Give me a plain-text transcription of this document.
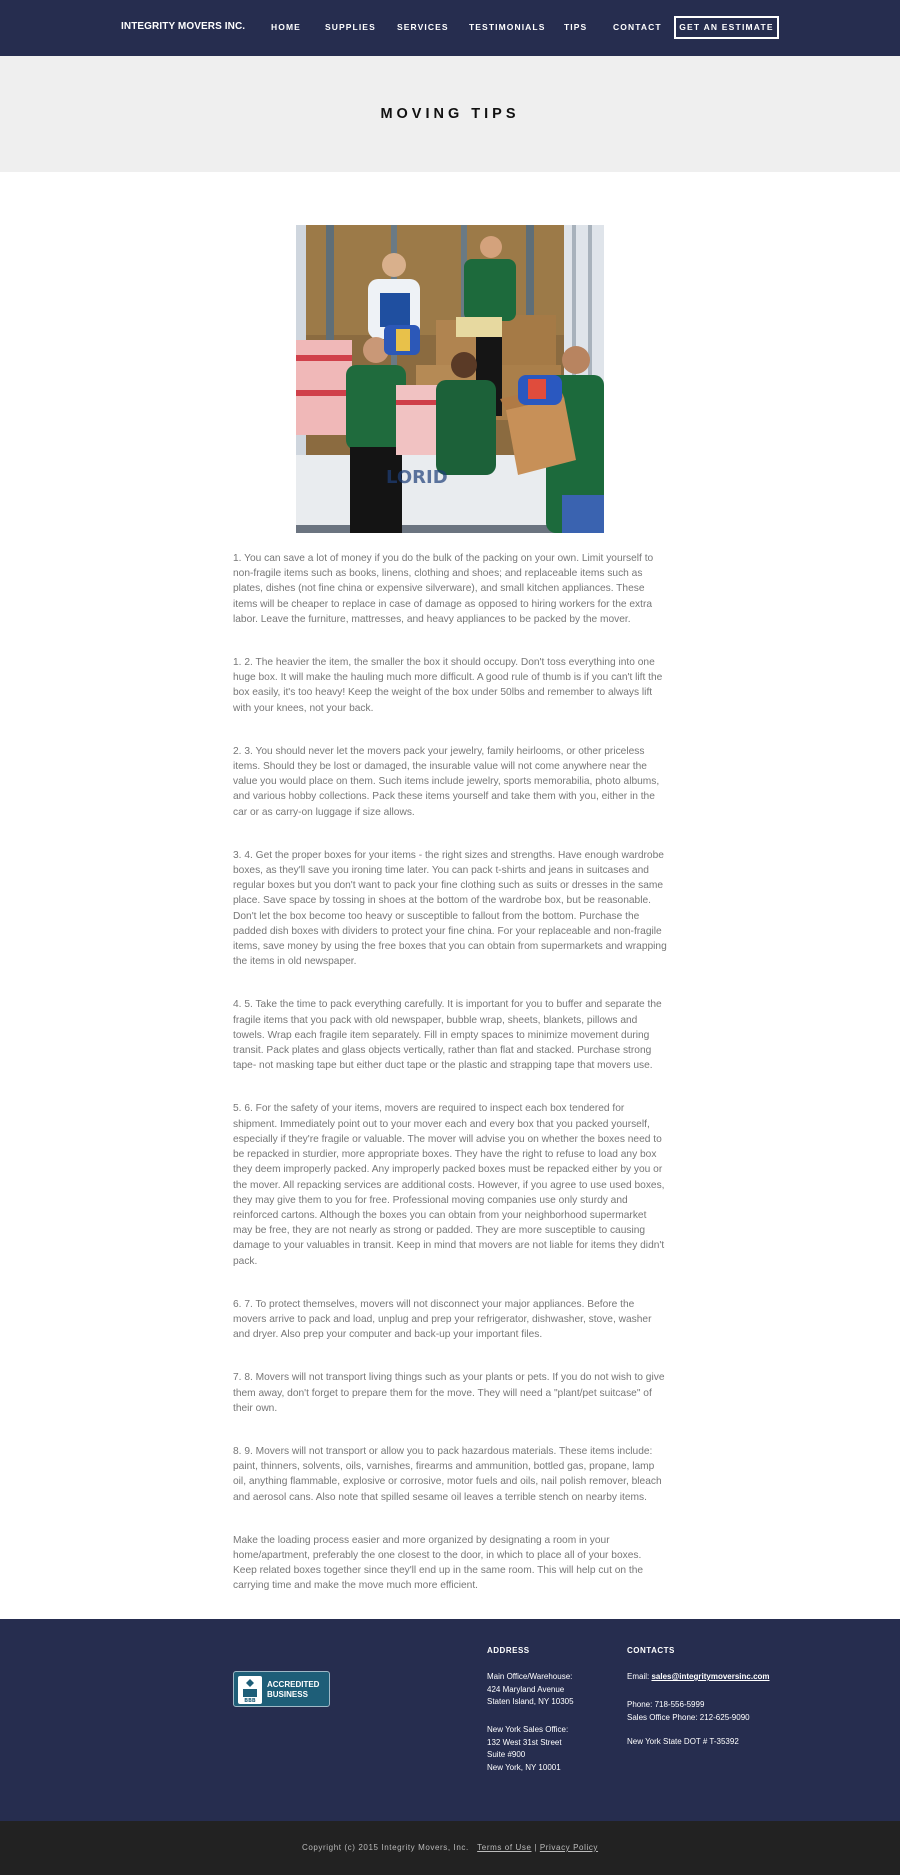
INTEGRITY MOVERS INC.	HOME	SUPPLIES SERVICES TESTIMONIALS TIPS	CONTACT	GET AN ESTIMATE
MOVING TIPS
LORID

1. You can save a lot of money if you do the bulk of the packing on your own. Limit yourself to non-fragile items such as books, linens, clothing and shoes; and replaceable items such as plates, dishes (not fine china or expensive silverware), and small kitchen appliances. These items will be cheaper to replace in case of damage as opposed to hiring workers for the extra labor. Leave the furniture, mattresses, and heavy appliances to be packed by the mover.

1. 2. The heavier the item, the smaller the box it should occupy. Don't toss everything into one huge box. It will make the hauling much more difficult. A good rule of thumb is if you can't lift the box easily, it's too heavy! Keep the weight of the box under 50lbs and remember to always lift with your knees, not your back.

2. 3. You should never let the movers pack your jewelry, family heirlooms, or other priceless items. Should they be lost or damaged, the insurable value will not come anywhere near the value you would place on them. Such items include jewelry, sports memorabilia, photo albums, and various hobby collections. Pack these items yourself and take them with you, either in the car or as carry-on luggage if size allows.

3. 4. Get the proper boxes for your items - the right sizes and strengths. Have enough wardrobe boxes, as they'll save you ironing time later. You can pack t-shirts and jeans in suitcases and regular boxes but you don't want to pack your fine clothing such as suits or dresses in the same place. Save space by tossing in shoes at the bottom of the wardrobe box, but be reasonable. Don't let the box become too heavy or susceptible to fallout from the bottom. Purchase the padded dish boxes with dividers to protect your fine china. For your replaceable and non-fragile items, save money by using the free boxes that you can obtain from supermarkets and wrapping the items in old newspaper.

4. 5. Take the time to pack everything carefully. It is important for you to buffer and separate the fragile items that you pack with old newspaper, bubble wrap, sheets, blankets, pillows and towels. Wrap each fragile item separately. Fill in empty spaces to minimize movement during transit. Pack plates and glass objects vertically, rather than flat and stacked. Purchase strong tape- not masking tape but either duct tape or the plastic and strapping tape that movers use.

5. 6. For the safety of your items, movers are required to inspect each box tendered for shipment. Immediately point out to your mover each and every box that you packed yourself, especially if they're fragile or valuable. The mover will advise you on whether the boxes need to be repacked in sturdier, more appropriate boxes. They have the right to refuse to load any box they deem improperly packed. Any improperly packed boxes must be repacked either by you or the mover. All repacking services are additional costs. However, if you agree to use used boxes, they may give them to you for free. Professional moving companies use only sturdy and reinforced cartons. Although the boxes you can obtain from your neighborhood supermarket may be free, they are not nearly as strong or padded. They are more susceptible to causing damage to your valuables in transit. Keep in mind that movers are not liable for items they didn't pack.

6. 7. To protect themselves, movers will not disconnect your major appliances. Before the movers arrive to pack and load, unplug and prep your refrigerator, dishwasher, stove, washer and dryer. Also prep your computer and back-up your important files.

7. 8. Movers will not transport living things such as your plants or pets. If you do not wish to give them away, don't forget to prepare them for the move. They will need a "plant/pet suitcase" of their own.

8. 9. Movers will not transport or allow you to pack hazardous materials. These items include: paint, thinners, solvents, oils, varnishes, firearms and ammunition, bottled gas, propane, lamp oil, anything flammable, explosive or corrosive, motor fuels and oils, nail polish remover, bleach and aerosol cans. Also note that spilled sesame oil leaves a terrible stench on nearby items.

Make the loading process easier and more organized by designating a room in your home/apartment, preferably the one closest to the door, in which to place all of your boxes. Keep related boxes together since they'll end up in the same room. This will help cut on the carrying time and make the move much more efficient.

BBB
ACCREDITED
BUSINESS
ADDRESS
Main Office/Warehouse:
424 Maryland Avenue
Staten Island, NY 10305
New York Sales Office:
132 West 31st Street
Suite #900
New York, NY 10001
CONTACTS
Email: sales@integritymoversinc.com
Phone: 718-556-5999
Sales Office Phone: 212-625-9090
New York State DOT # T-35392
Copyright (c) 2015 Integrity Movers, Inc. Terms of Use | Privacy Policy
